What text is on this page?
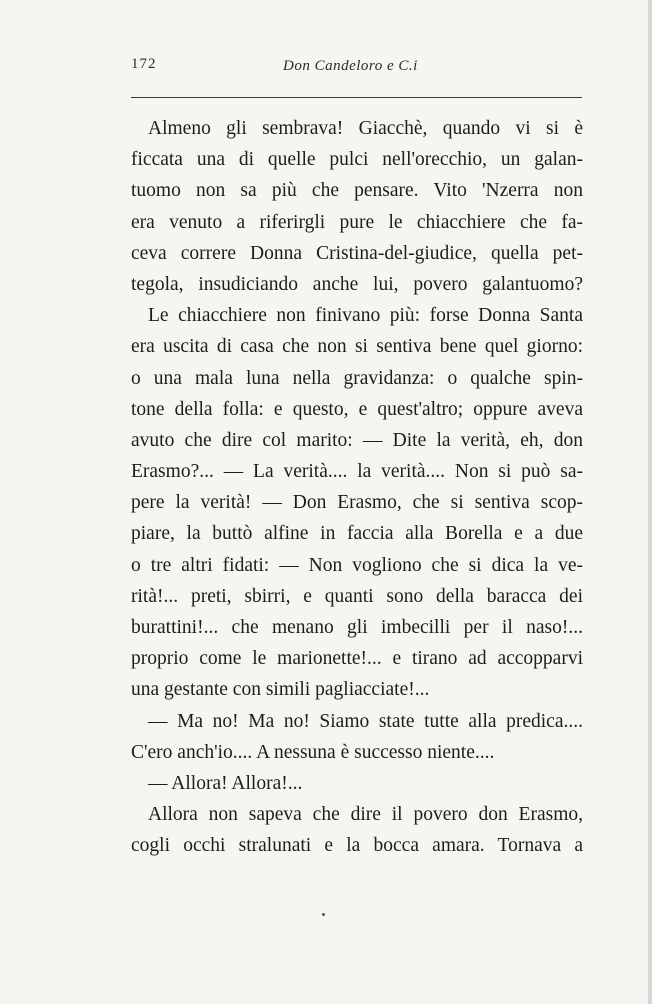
172	Don Candeloro e C.i
Almeno gli sembrava! Giacchè, quando vi si è
ficcata una di quelle pulci nell'orecchio, un galan-
tuomo non sa più che pensare. Vito 'Nzerra non
era venuto a riferirgli pure le chiacchiere che fa-
ceva correre Donna Cristina-del-giudice, quella pet-
tegola, insudiciando anche lui, povero galantuomo?
Le chiacchiere non finivano più: forse Donna Santa
era uscita di casa che non si sentiva bene quel giorno:
o una mala luna nella gravidanza: o qualche spin-
tone della folla: e questo, e quest'altro; oppure aveva
avuto che dire col marito: — Dite la verità, eh, don
Erasmo?... — La verità.... la verità.... Non si può sa-
pere la verità! — Don Erasmo, che si sentiva scop-
piare, la buttò alfine in faccia alla Borella e a due
o tre altri fidati: — Non vogliono che si dica la ve-
rità!... preti, sbirri, e quanti sono della baracca dei
burattini!... che menano gli imbecilli per il naso!...
proprio come le marionette!... e tirano ad accopparvi
una gestante con simili pagliacciate!...
— Ma no! Ma no! Siamo state tutte alla predica....
C'ero anch'io.... A nessuna è successo niente....
— Allora! Allora!...
Allora non sapeva che dire il povero don Erasmo,
cogli occhi stralunati e la bocca amara. Tornava a
